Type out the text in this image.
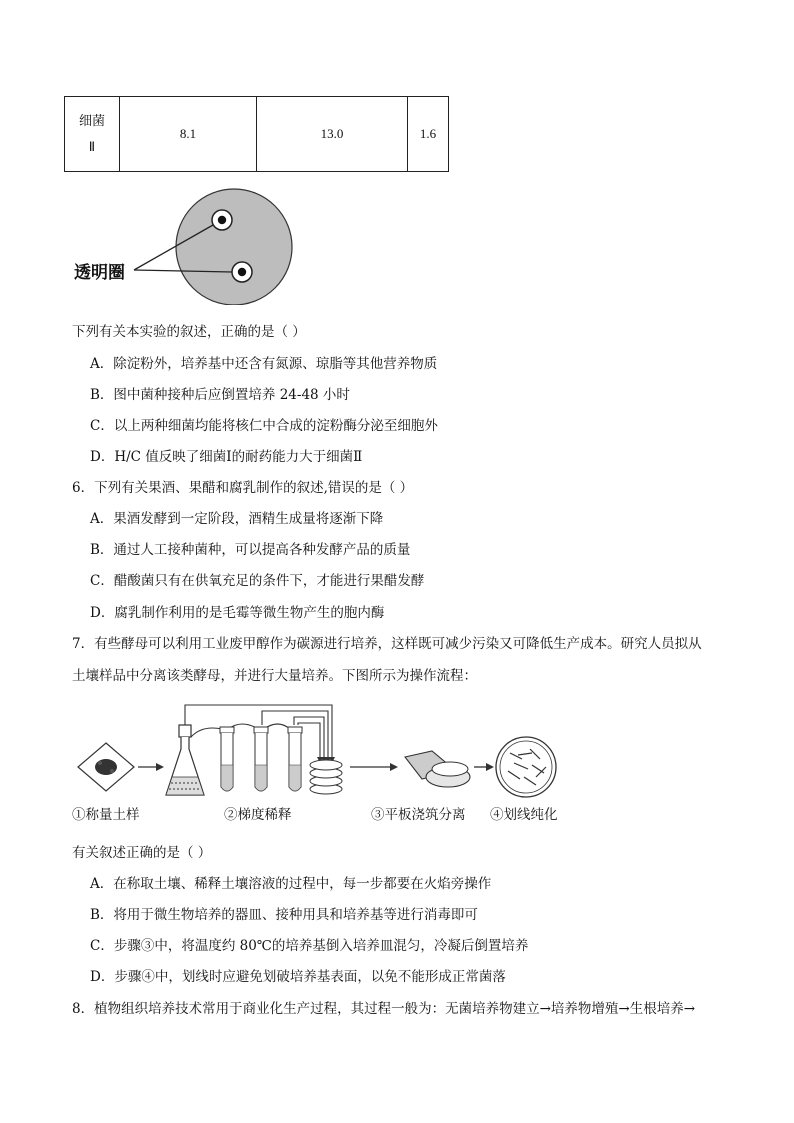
细菌
Ⅱ	8.1	13.0	1.6
透明圈
下列有关本实验的叙述，正确的是（ ）
A．除淀粉外，培养基中还含有氮源、琼脂等其他营养物质
B．图中菌种接种后应倒置培养 24-48 小时
C．以上两种细菌均能将核仁中合成的淀粉酶分泌至细胞外
D．H/C 值反映了细菌Ⅰ的耐药能力大于细菌Ⅱ
6．下列有关果酒、果醋和腐乳制作的叙述,错误的是（ ）
A．果酒发酵到一定阶段，酒精生成量将逐渐下降
B．通过人工接种菌种，可以提高各种发酵产品的质量
C．醋酸菌只有在供氧充足的条件下，才能进行果醋发酵
D．腐乳制作利用的是毛霉等微生物产生的胞内酶
7．有些酵母可以利用工业废甲醇作为碳源进行培养，这样既可减少污染又可降低生产成本。研究人员拟从
土壤样品中分离该类酵母，并进行大量培养。下图所示为操作流程：
①称量土样	②梯度稀释	③平板浇筑分离 ④划线纯化
有关叙述正确的是（ ）
A．在称取土壤、稀释土壤溶液的过程中，每一步都要在火焰旁操作
B．将用于微生物培养的器皿、接种用具和培养基等进行消毒即可
C．步骤③中，将温度约 80℃的培养基倒入培养皿混匀，冷凝后倒置培养
D．步骤④中，划线时应避免划破培养基表面，以免不能形成正常菌落
8．植物组织培养技术常用于商业化生产过程，其过程一般为：无菌培养物建立→培养物增殖→生根培养→
